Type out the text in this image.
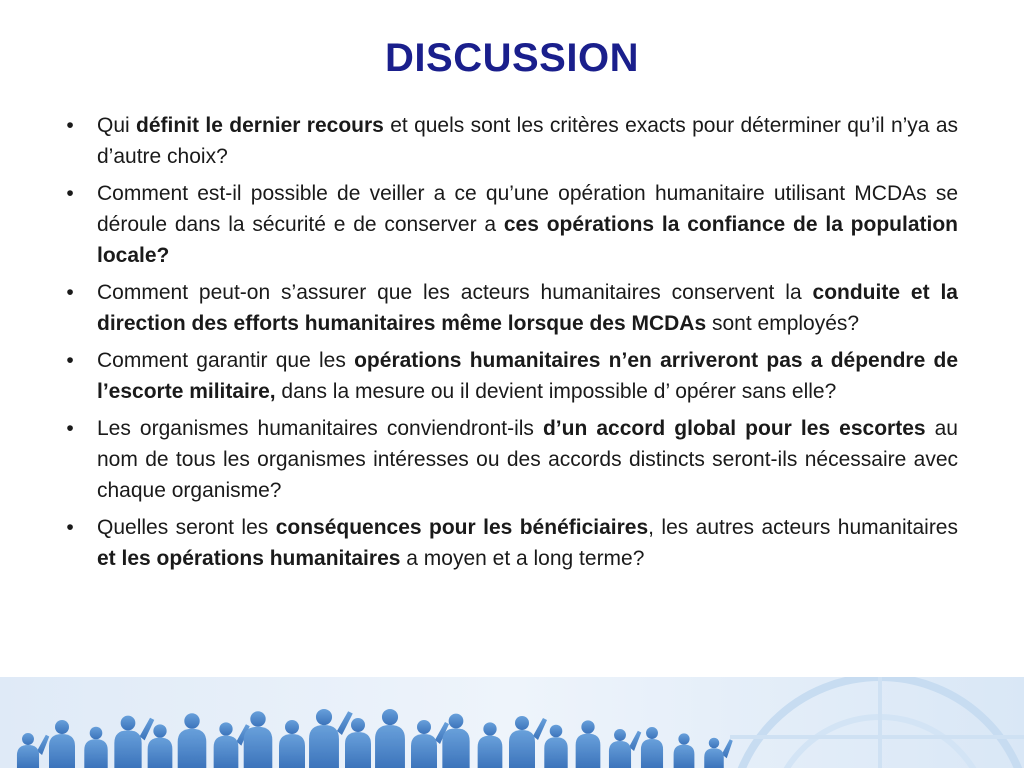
DISCUSSION
•	Qui définit le dernier recours et quels sont les critères exacts pour déterminer qu’il n’ya as d’autre choix?
•	Comment est-il possible de veiller a ce qu’une opération humanitaire utilisant MCDAs se déroule dans la sécurité e de conserver a ces opérations la confiance de la population locale?
•	Comment peut-on s’assurer que les acteurs humanitaires conservent la conduite et la direction des efforts humanitaires même lorsque des MCDAs sont employés?
•	Comment garantir que les opérations humanitaires n’en arriveront pas a dépendre de l’escorte militaire, dans la mesure ou il devient impossible d’ opérer sans elle?
•	Les organismes humanitaires conviendront-ils d’un accord global pour les escortes au nom de tous les organismes intéresses ou des accords distincts seront-ils nécessaire avec chaque organisme?
•	Quelles seront les conséquences pour les bénéficiaires, les autres acteurs humanitaires et les opérations humanitaires a moyen et a long terme?
